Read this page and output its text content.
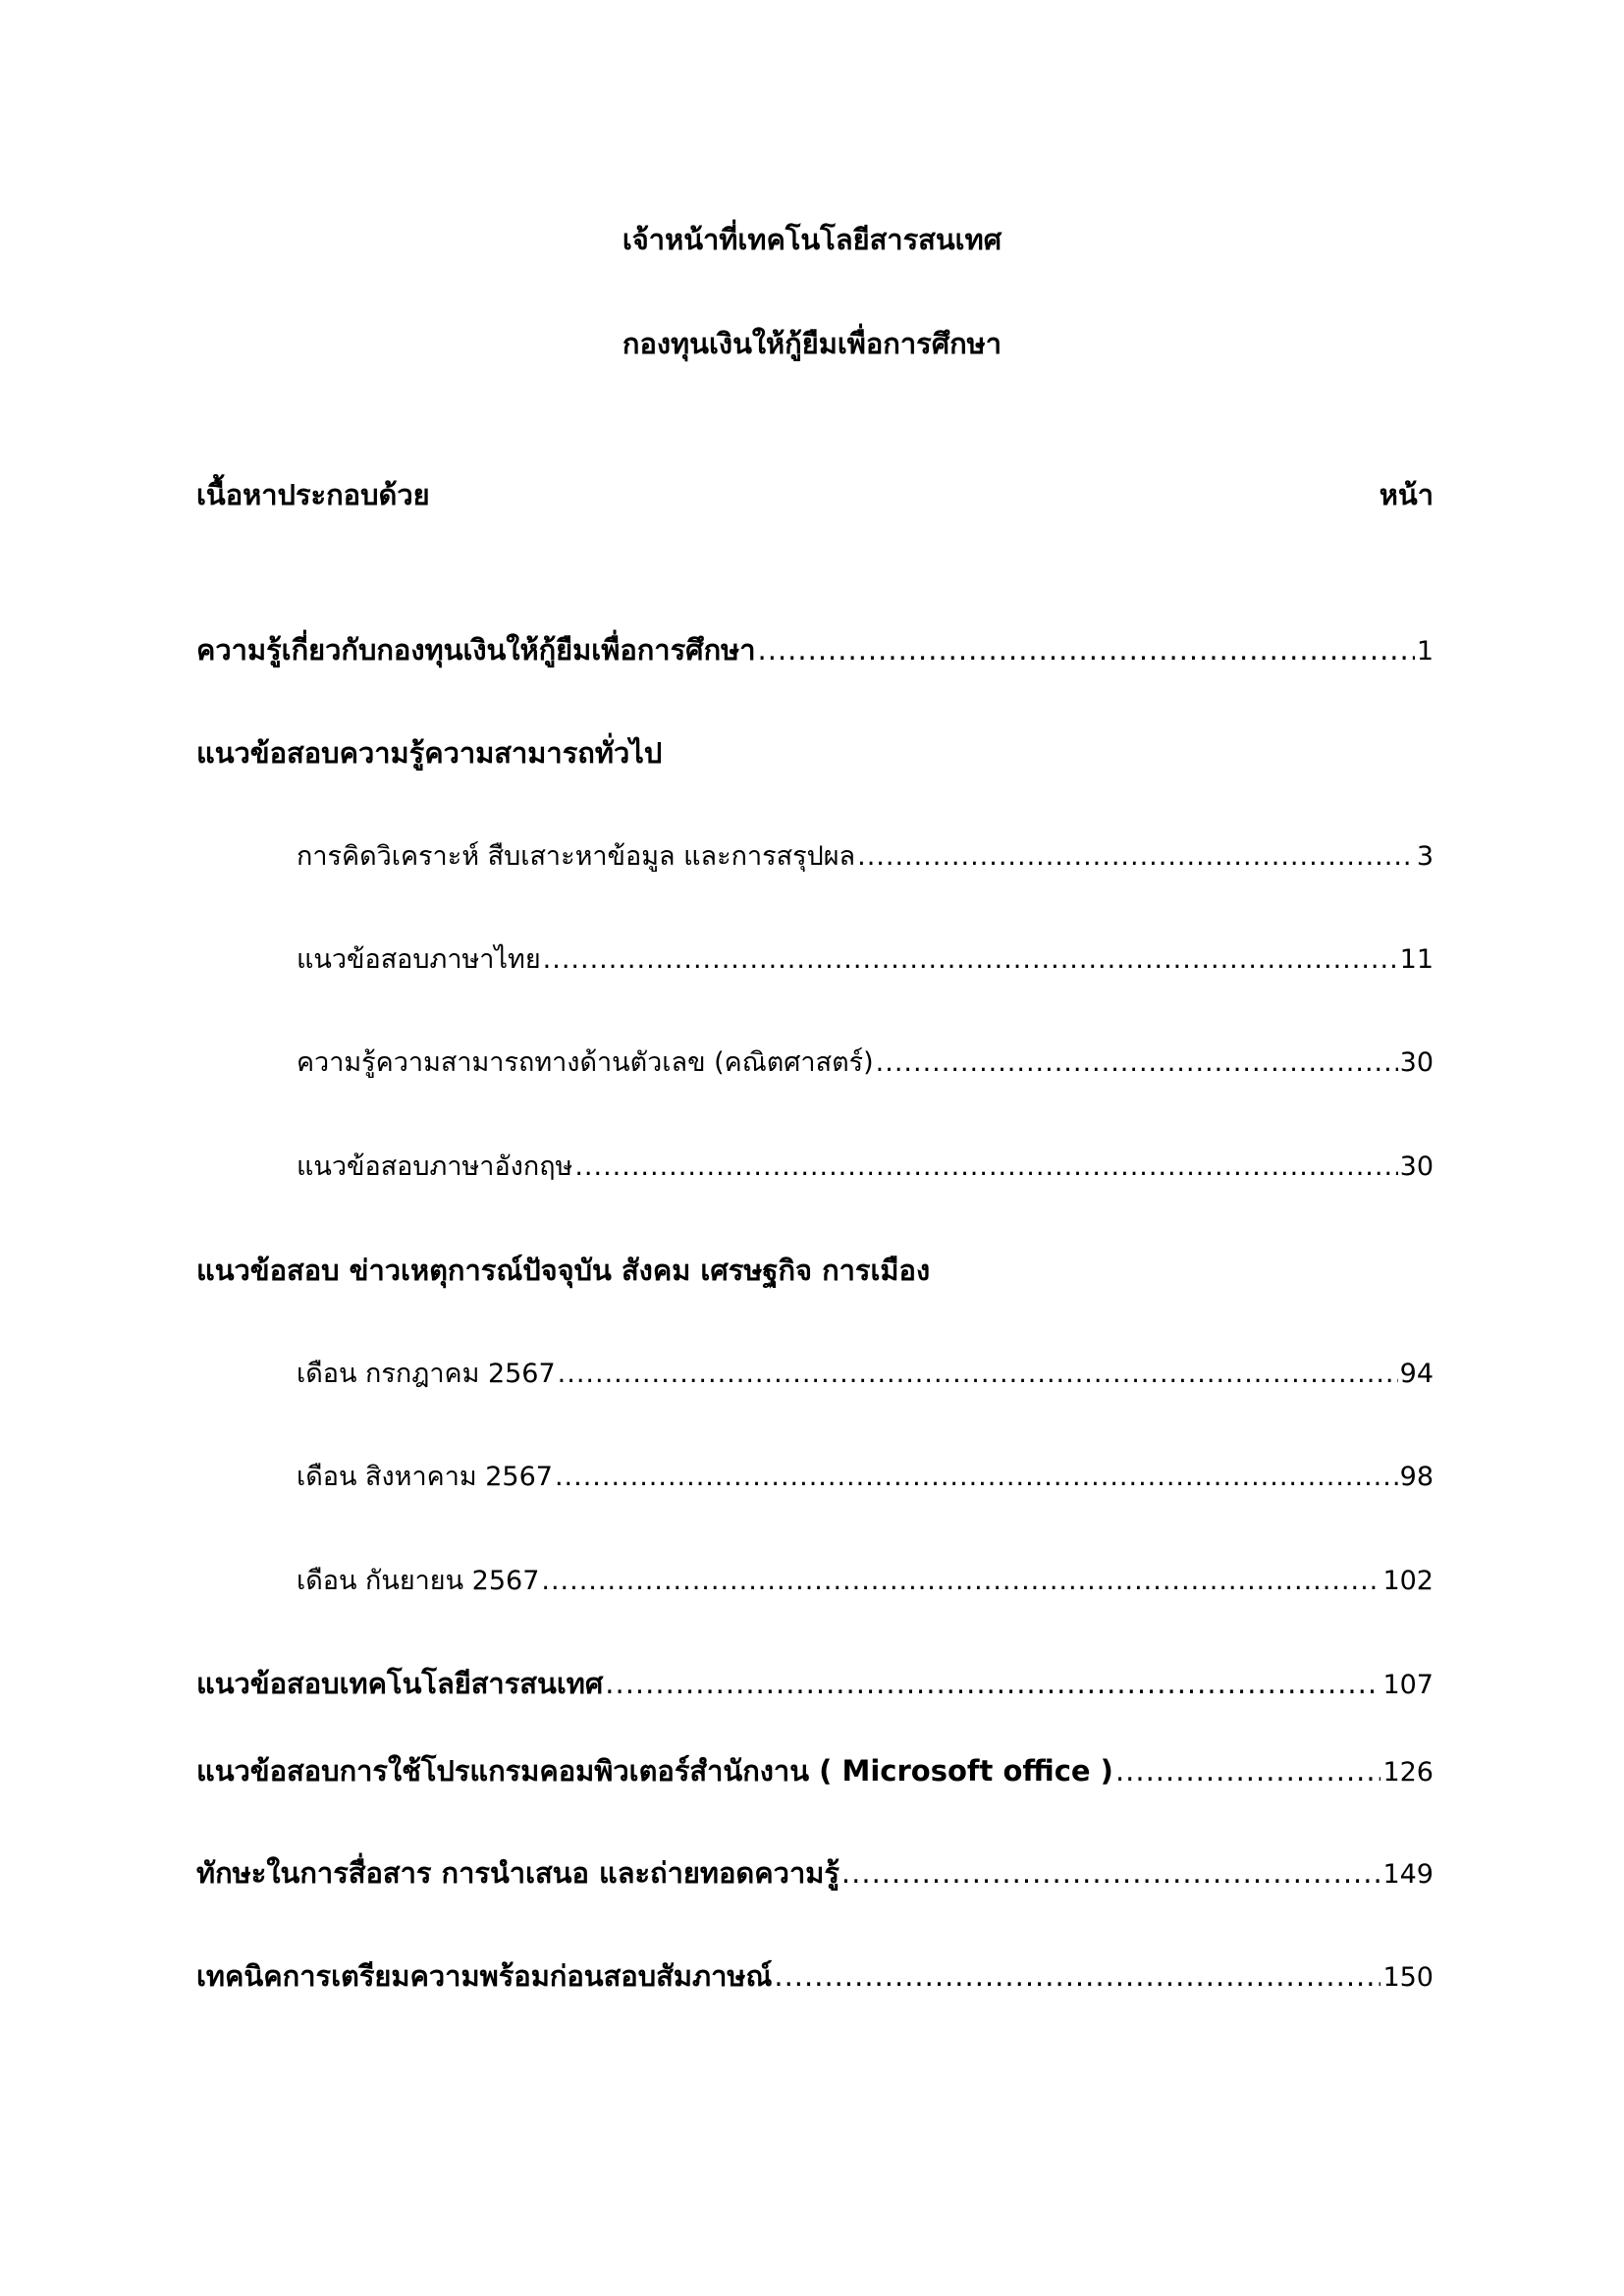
เจ้าหน้าที่เทคโนโลยีสารสนเทศ
กองทุนเงินให้กู้ยืมเพื่อการศึกษา
เนื้อหาประกอบด้วย	หน้า
ความรู้เกี่ยวกับกองทุนเงินให้กู้ยืมเพื่อการศึกษา .....	1
แนวข้อสอบความรู้ความสามารถทั่วไป
การคิดวิเคราะห์ สืบเสาะหาข้อมูล และการสรุปผล .....	3
แนวข้อสอบภาษาไทย .....	11
ความรู้ความสามารถทางด้านตัวเลข (คณิตศาสตร์) .....	30
แนวข้อสอบภาษาอังกฤษ .....	30
แนวข้อสอบ ข่าวเหตุการณ์ปัจจุบัน สังคม เศรษฐกิจ การเมือง
เดือน กรกฎาคม 2567 .....	94
เดือน สิงหาคาม 2567 .....	98
เดือน กันยายน 2567 .....	102
แนวข้อสอบเทคโนโลยีสารสนเทศ .....	107
แนวข้อสอบการใช้โปรแกรมคอมพิวเตอร์สำนักงาน ( Microsoft office ) .....	126
ทักษะในการสื่อสาร การนำเสนอ และถ่ายทอดความรู้ .....	149
เทคนิคการเตรียมความพร้อมก่อนสอบสัมภาษณ์ .....	150
